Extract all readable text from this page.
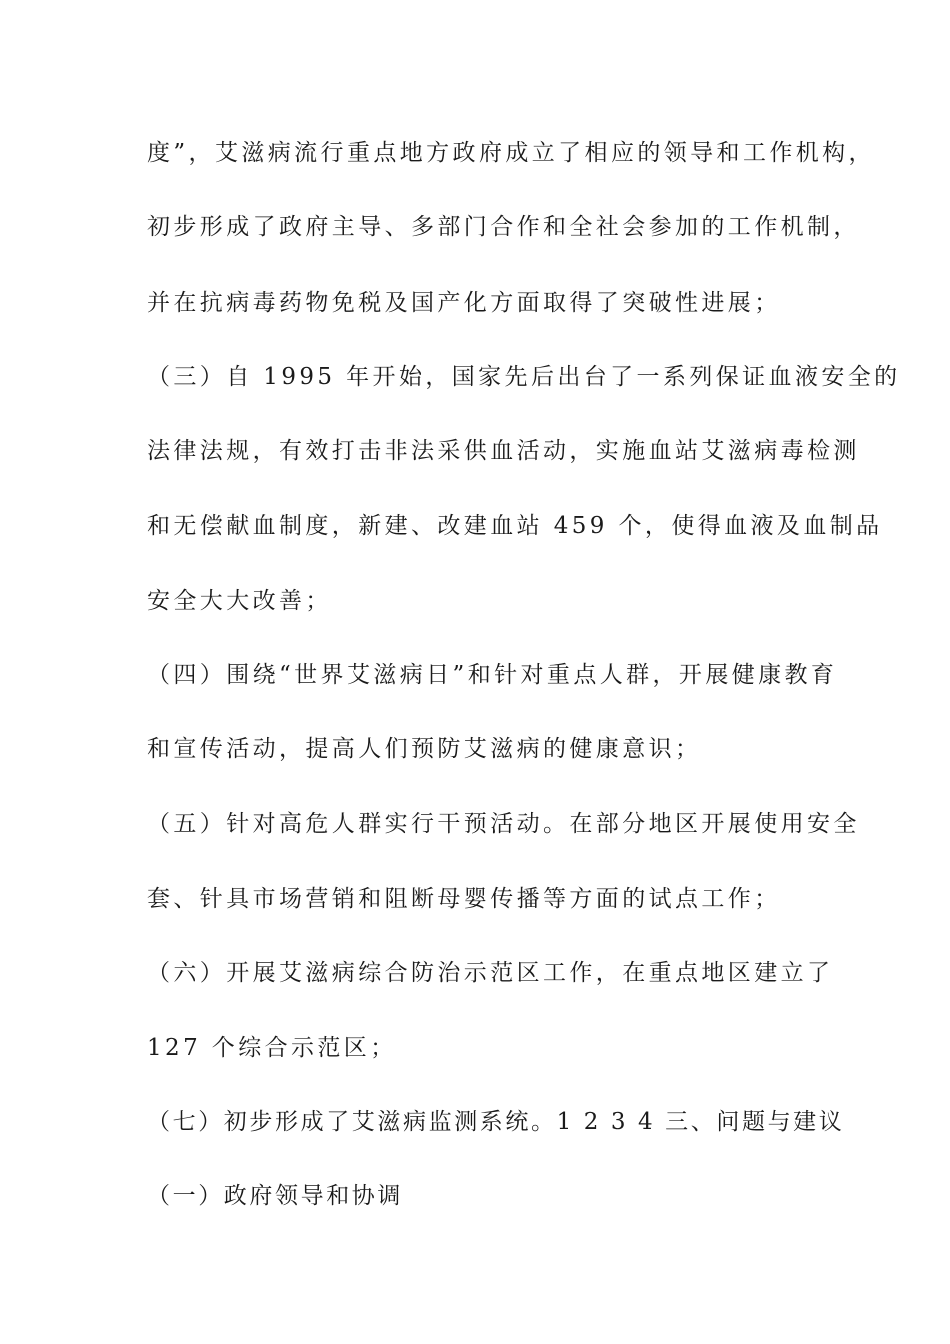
度”，艾滋病流行重点地方政府成立了相应的领导和工作机构，
初步形成了政府主导、多部门合作和全社会参加的工作机制，
并在抗病毒药物免税及国产化方面取得了突破性进展；
（三）自 1995 年开始，国家先后出台了一系列保证血液安全的
法律法规，有效打击非法采供血活动，实施血站艾滋病毒检测
和无偿献血制度，新建、改建血站 459 个，使得血液及血制品
安全大大改善；
（四）围绕“世界艾滋病日”和针对重点人群，开展健康教育
和宣传活动，提高人们预防艾滋病的健康意识；
（五）针对高危人群实行干预活动。在部分地区开展使用安全
套、针具市场营销和阻断母婴传播等方面的试点工作；
（六）开展艾滋病综合防治示范区工作，在重点地区建立了
127 个综合示范区；
（七）初步形成了艾滋病监测系统。1 2 3 4 三、问题与建议
（一）政府领导和协调
